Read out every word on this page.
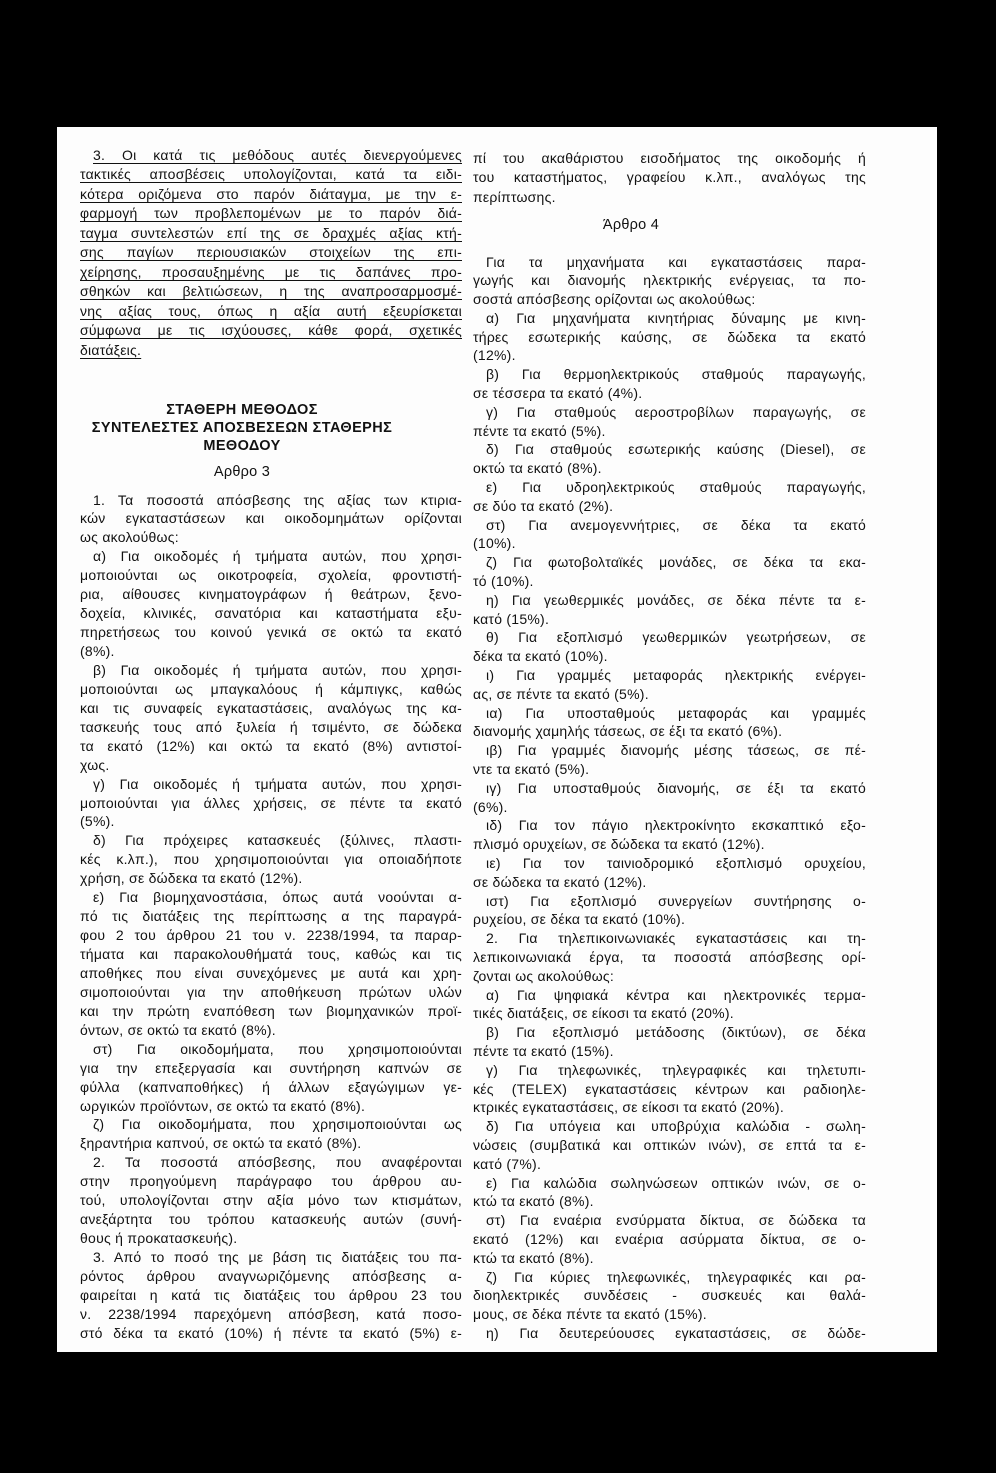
3. Οι κατά τις μεθόδους αυτές διενεργούμενες
τακτικές αποσβέσεις υπολογίζονται, κατά τα ειδι-
κότερα οριζόμενα στο παρόν διάταγμα, με την ε-
φαρμογή των προβλεπομένων με το παρόν διά-
ταγμα συντελεστών επί της σε δραχμές αξίας κτή-
σης παγίων περιουσιακών στοιχείων της επι-
χείρησης, προσαυξημένης με τις δαπάνες προ-
σθηκών και βελτιώσεων, η της αναπροσαρμοσμέ-
νης αξίας τους, όπως η αξία αυτή εξευρίσκεται
σύμφωνα με τις ισχύουσες, κάθε φορά, σχετικές
διατάξεις.
ΣΤΑΘΕΡΗ ΜΕΘΟΔΟΣ
ΣΥΝΤΕΛΕΣΤΕΣ ΑΠΟΣΒΕΣΕΩΝ ΣΤΑΘΕΡΗΣ
ΜΕΘΟΔΟΥ
Αρθρο 3
1. Τα ποσοστά απόσβεσης της αξίας των κτιρια-
κών εγκαταστάσεων και οικοδομημάτων ορίζονται
ως ακολούθως:
α) Για οικοδομές ή τμήματα αυτών, που χρησι-
μοποιούνται ως οικοτροφεία, σχολεία, φροντιστή-
ρια, αίθουσες κινηματογράφων ή θεάτρων, ξενο-
δοχεία, κλινικές, σανατόρια και καταστήματα εξυ-
πηρετήσεως του κοινού γενικά σε οκτώ τα εκατό
(8%).
β) Για οικοδομές ή τμήματα αυτών, που χρησι-
μοποιούνται ως μπαγκαλόους ή κάμπιγκς, καθώς
και τις συναφείς εγκαταστάσεις, αναλόγως της κα-
τασκευής τους από ξυλεία ή τσιμέντο, σε δώδεκα
τα εκατό (12%) και οκτώ τα εκατό (8%) αντιστοί-
χως.
γ) Για οικοδομές ή τμήματα αυτών, που χρησι-
μοποιούνται για άλλες χρήσεις, σε πέντε τα εκατό
(5%).
δ) Για πρόχειρες κατασκευές (ξύλινες, πλαστι-
κές κ.λπ.), που χρησιμοποιούνται για οποιαδήποτε
χρήση, σε δώδεκα τα εκατό (12%).
ε) Για βιομηχανοστάσια, όπως αυτά νοούνται α-
πό τις διατάξεις της περίπτωσης α της παραγρά-
φου 2 του άρθρου 21 του ν. 2238/1994, τα παραρ-
τήματα και παρακολουθήματά τους, καθώς και τις
αποθήκες που είναι συνεχόμενες με αυτά και χρη-
σιμοποιούνται για την αποθήκευση πρώτων υλών
και την πρώτη εναπόθεση των βιομηχανικών προϊ-
όντων, σε οκτώ τα εκατό (8%).
στ) Για οικοδομήματα, που χρησιμοποιούνται
για την επεξεργασία και συντήρηση καπνών σε
φύλλα (καπναποθήκες) ή άλλων εξαγώγιμων γε-
ωργικών προϊόντων, σε οκτώ τα εκατό (8%).
ζ) Για οικοδομήματα, που χρησιμοποιούνται ως
ξηραντήρια καπνού, σε οκτώ τα εκατό (8%).
2. Τα ποσοστά απόσβεσης, που αναφέρονται
στην προηγούμενη παράγραφο του άρθρου αυ-
τού, υπολογίζονται στην αξία μόνο των κτισμάτων,
ανεξάρτητα του τρόπου κατασκευής αυτών (συνή-
θους ή προκατασκευής).
3. Από το ποσό της με βάση τις διατάξεις του πα-
ρόντος άρθρου αναγνωριζόμενης απόσβεσης α-
φαιρείται η κατά τις διατάξεις του άρθρου 23 του
ν. 2238/1994 παρεχόμενη απόσβεση, κατά ποσο-
στό δέκα τα εκατό (10%) ή πέντε τα εκατό (5%) ε-
πί του ακαθάριστου εισοδήματος της οικοδομής ή
του καταστήματος, γραφείου κ.λπ., αναλόγως της
περίπτωσης.
Άρθρο 4
Για τα μηχανήματα και εγκαταστάσεις παρα-
γωγής και διανομής ηλεκτρικής ενέργειας, τα πο-
σοστά απόσβεσης ορίζονται ως ακολούθως:
α) Για μηχανήματα κινητήριας δύναμης με κινη-
τήρες εσωτερικής καύσης, σε δώδεκα τα εκατό
(12%).
β) Για θερμοηλεκτρικούς σταθμούς παραγωγής,
σε τέσσερα τα εκατό (4%).
γ) Για σταθμούς αεροστροβίλων παραγωγής, σε
πέντε τα εκατό (5%).
δ) Για σταθμούς εσωτερικής καύσης (Diesel), σε
οκτώ τα εκατό (8%).
ε) Για υδροηλεκτρικούς σταθμούς παραγωγής,
σε δύο τα εκατό (2%).
στ) Για ανεμογεννήτριες, σε δέκα τα εκατό
(10%).
ζ) Για φωτοβολταϊκές μονάδες, σε δέκα τα εκα-
τό (10%).
η) Για γεωθερμικές μονάδες, σε δέκα πέντε τα ε-
κατό (15%).
θ) Για εξοπλισμό γεωθερμικών γεωτρήσεων, σε
δέκα τα εκατό (10%).
ι) Για γραμμές μεταφοράς ηλεκτρικής ενέργει-
ας, σε πέντε τα εκατό (5%).
ια) Για υποσταθμούς μεταφοράς και γραμμές
διανομής χαμηλής τάσεως, σε έξι τα εκατό (6%).
ιβ) Για γραμμές διανομής μέσης τάσεως, σε πέ-
ντε τα εκατό (5%).
ιγ) Για υποσταθμούς διανομής, σε έξι τα εκατό
(6%).
ιδ) Για τον πάγιο ηλεκτροκίνητο εκσκαπτικό εξο-
πλισμό ορυχείων, σε δώδεκα τα εκατό (12%).
ιε) Για τον ταινιοδρομικό εξοπλισμό ορυχείου,
σε δώδεκα τα εκατό (12%).
ιστ) Για εξοπλισμό συνεργείων συντήρησης ο-
ρυχείου, σε δέκα τα εκατό (10%).
2. Για τηλεπικοινωνιακές εγκαταστάσεις και τη-
λεπικοινωνιακά έργα, τα ποσοστά απόσβεσης ορί-
ζονται ως ακολούθως:
α) Για ψηφιακά κέντρα και ηλεκτρονικές τερμα-
τικές διατάξεις, σε είκοσι τα εκατό (20%).
β) Για εξοπλισμό μετάδοσης (δικτύων), σε δέκα
πέντε τα εκατό (15%).
γ) Για τηλεφωνικές, τηλεγραφικές και τηλετυπι-
κές (TELEX) εγκαταστάσεις κέντρων και ραδιοηλε-
κτρικές εγκαταστάσεις, σε είκοσι τα εκατό (20%).
δ) Για υπόγεια και υποβρύχια καλώδια - σωλη-
νώσεις (συμβατικά και οπτικών ινών), σε επτά τα ε-
κατό (7%).
ε) Για καλώδια σωληνώσεων οπτικών ινών, σε ο-
κτώ τα εκατό (8%).
στ) Για εναέρια ενσύρματα δίκτυα, σε δώδεκα τα
εκατό (12%) και εναέρια ασύρματα δίκτυα, σε ο-
κτώ τα εκατό (8%).
ζ) Για κύριες τηλεφωνικές, τηλεγραφικές και ρα-
διοηλεκτρικές συνδέσεις - συσκευές και θαλά-
μους, σε δέκα πέντε τα εκατό (15%).
η) Για δευτερεύουσες εγκαταστάσεις, σε δώδε-
